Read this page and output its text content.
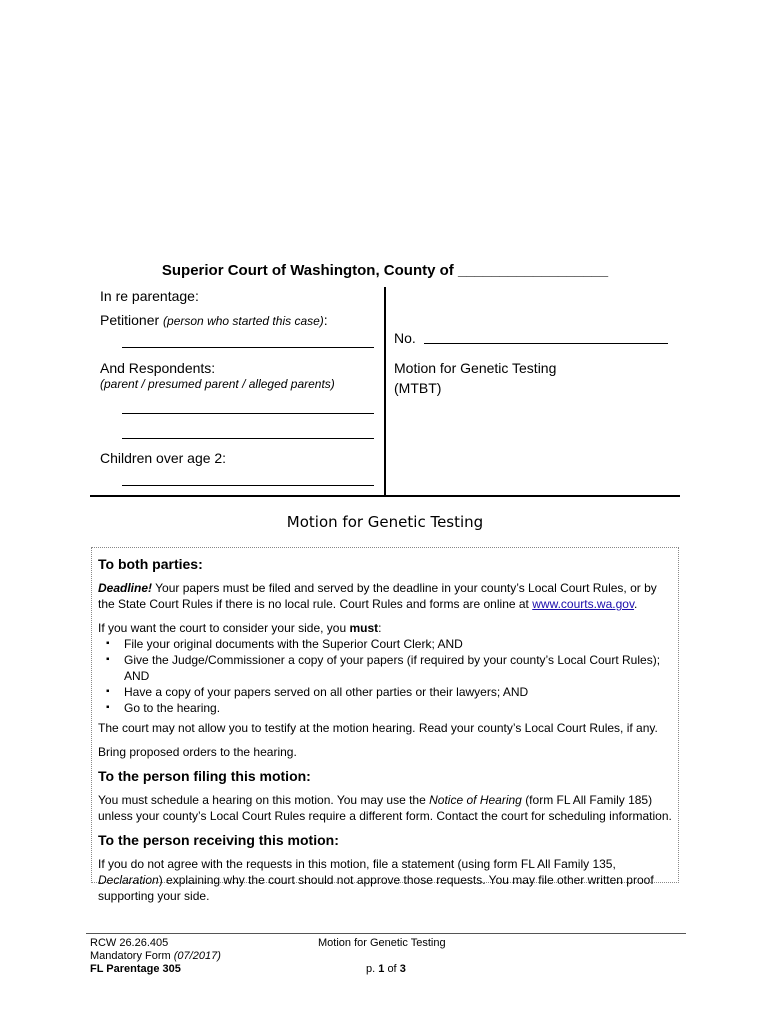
Superior Court of Washington, County of __________________
In re parentage:
Petitioner (person who started this case):
And Respondents:
(parent / presumed parent / alleged parents)
Children over age 2:
No.
Motion for Genetic Testing
(MTBT)
Motion for Genetic Testing
To both parties:

Deadline! Your papers must be filed and served by the deadline in your county’s Local Court Rules, or by the State Court Rules if there is no local rule. Court Rules and forms are online at www.courts.wa.gov.

If you want the court to consider your side, you must:
▪ File your original documents with the Superior Court Clerk; AND
▪ Give the Judge/Commissioner a copy of your papers (if required by your county’s Local Court Rules); AND
▪ Have a copy of your papers served on all other parties or their lawyers; AND
▪ Go to the hearing.

The court may not allow you to testify at the motion hearing. Read your county’s Local Court Rules, if any.

Bring proposed orders to the hearing.

To the person filing this motion:

You must schedule a hearing on this motion. You may use the Notice of Hearing (form FL All Family 185) unless your county’s Local Court Rules require a different form. Contact the court for scheduling information.

To the person receiving this motion:

If you do not agree with the requests in this motion, file a statement (using form FL All Family 135, Declaration) explaining why the court should not approve those requests. You may file other written proof supporting your side.

RCW 26.26.405
Mandatory Form (07/2017)
FL Parentage 305
Motion for Genetic Testing
p. 1 of 3
